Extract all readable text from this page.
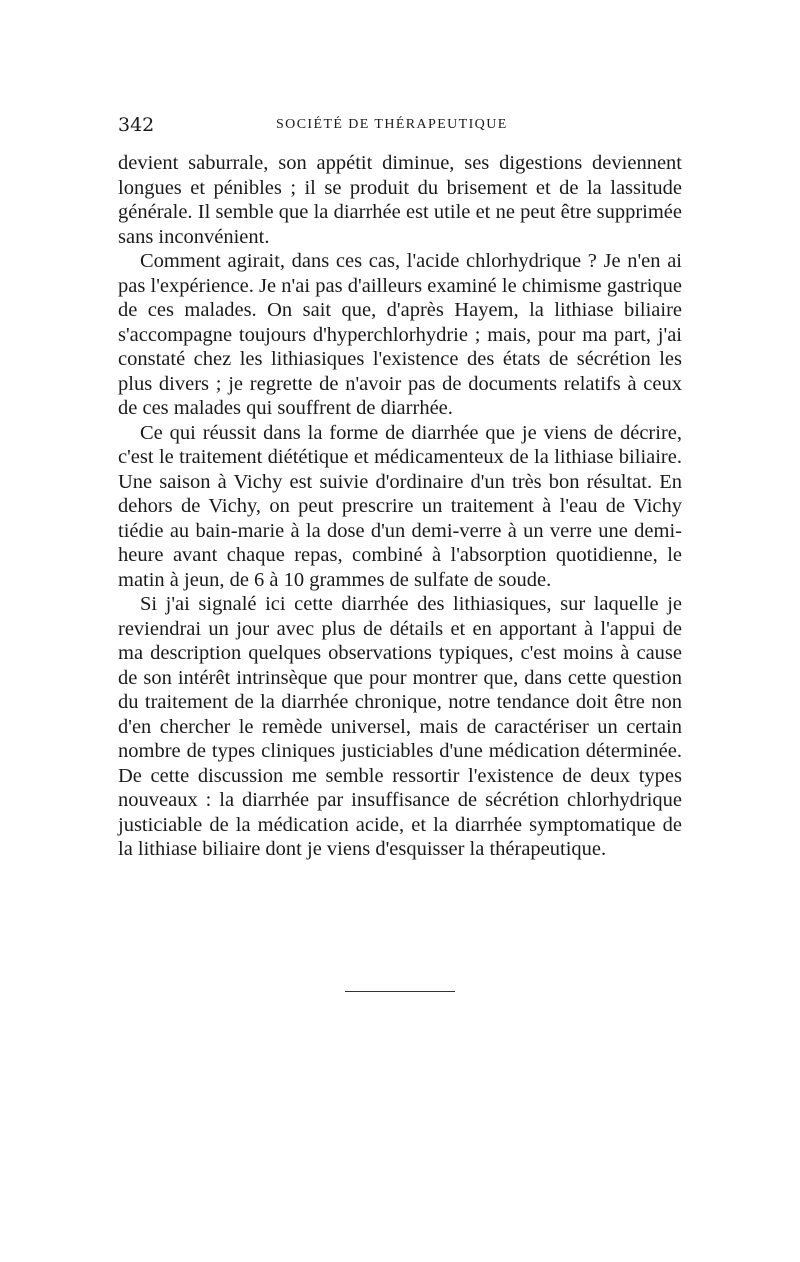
342	SOCIÉTÉ DE THÉRAPEUTIQUE

devient saburrale, son appétit diminue, ses digestions deviennent longues et pénibles ; il se produit du brisement et de la lassitude générale. Il semble que la diarrhée est utile et ne peut être supprimée sans inconvénient.

Comment agirait, dans ces cas, l'acide chlorhydrique ? Je n'en ai pas l'expérience. Je n'ai pas d'ailleurs examiné le chimisme gastrique de ces malades. On sait que, d'après Hayem, la lithiase biliaire s'accompagne toujours d'hyperchlorhydrie ; mais, pour ma part, j'ai constaté chez les lithiasiques l'existence des états de sécrétion les plus divers ; je regrette de n'avoir pas de documents relatifs à ceux de ces malades qui souffrent de diarrhée.

Ce qui réussit dans la forme de diarrhée que je viens de décrire, c'est le traitement diététique et médicamenteux de la lithiase biliaire. Une saison à Vichy est suivie d'ordinaire d'un très bon résultat. En dehors de Vichy, on peut prescrire un traitement à l'eau de Vichy tiédie au bain-marie à la dose d'un demi-verre à un verre une demi-heure avant chaque repas, combiné à l'absorption quotidienne, le matin à jeun, de 6 à 10 grammes de sulfate de soude.

Si j'ai signalé ici cette diarrhée des lithiasiques, sur laquelle je reviendrai un jour avec plus de détails et en apportant à l'appui de ma description quelques observations typiques, c'est moins à cause de son intérêt intrinsèque que pour montrer que, dans cette question du traitement de la diarrhée chronique, notre tendance doit être non d'en chercher le remède universel, mais de caractériser un certain nombre de types cliniques justiciables d'une médication déterminée. De cette discussion me semble ressortir l'existence de deux types nouveaux : la diarrhée par insuffisance de sécrétion chlorhydrique justiciable de la médication acide, et la diarrhée symptomatique de la lithiase biliaire dont je viens d'esquisser la thérapeutique.
